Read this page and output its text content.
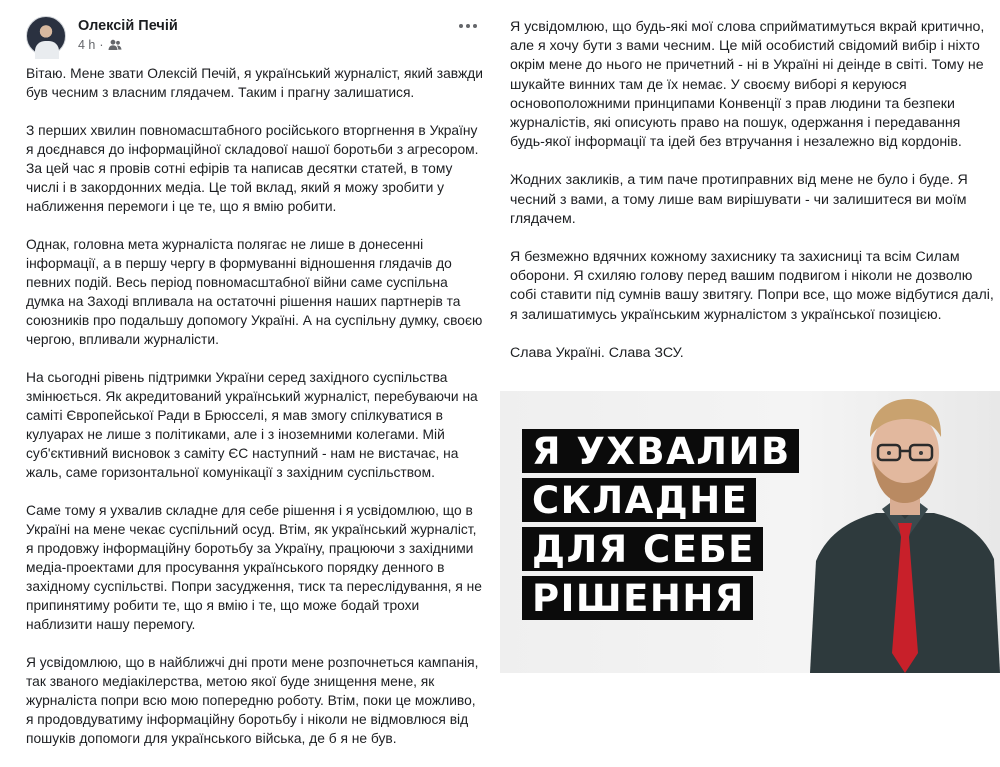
Олексій Печій
4 h ·

Вітаю. Мене звати Олексій Печій, я український журналіст, який завжди був чесним з власним глядачем. Таким і прагну залишатися.

З перших хвилин повномасштабного російського вторгнення в Україну я доєднався до інформаційної складової нашої боротьби з агресором. За цей час я провів сотні ефірів та написав десятки статей, в тому числі і в закордонних медіа. Це той вклад, який я можу зробити у наближення перемоги і це те, що я вмію робити.

Однак, головна мета журналіста полягає не лише в донесенні інформації, а в першу чергу в формуванні відношення глядачів до певних подій. Весь період повномасштабної війни саме суспільна думка на Заході впливала на остаточні рішення наших партнерів та союзників про подальшу допомогу Україні. А на суспільну думку, своєю чергою, впливали журналісти.

На сьогодні рівень підтримки України серед західного суспільства змінюється. Як акредитований український журналіст, перебуваючи на саміті Європейської Ради в Брюсселі, я мав змогу спілкуватися в кулуарах не лише з політиками, але і з іноземними колегами. Мій суб'єктивний висновок з саміту ЄС наступний - нам не вистачає, на жаль, саме горизонтальної комунікації з західним суспільством.

Саме тому я ухвалив складне для себе рішення і я усвідомлюю, що в Україні на мене чекає суспільний осуд. Втім, як український журналіст, я продовжу інформаційну боротьбу за Україну, працюючи з західними медіа-проектами для просування українського порядку денного в західному суспільстві. Попри засудження, тиск та переслідування, я не припинятиму робити те, що я вмію і те, що може бодай трохи наблизити нашу перемогу.

Я усвідомлюю, що в найближчі дні проти мене розпочнеться кампанія, так званого медіакілерства, метою якої буде знищення мене, як журналіста попри всю мою попередню роботу. Втім, поки це можливо, я продовдуватиму інформаційну боротьбу і ніколи не відмовлюся від пошуків допомоги для українського війська, де б я не був.

Я усвідомлюю, що будь-які мої слова сприйматимуться вкрай критично, але я хочу бути з вами чесним. Це мій особистий свідомий вибір і ніхто окрім мене до нього не причетний - ні в Україні ні деінде в світі. Тому не шукайте винних там де їх немає. У своєму виборі я керуюся основоположними принципами Конвенції з прав людини та безпеки журналістів, які описують право на пошук, одержання і передавання будь-якої інформації та ідей без втручання і незалежно від кордонів.

Жодних закликів, а тим паче протиправних від мене не було і буде. Я чесний з вами, а тому лише вам вирішувати - чи залишитеся ви моїм глядачем.

Я безмежно вдячних кожному захиснику та захисниці та всім Силам оборони. Я схиляю голову перед вашим подвигом і ніколи не дозволю собі ставити під сумнів вашу звитягу. Попри все, що може відбутися далі, я залишатимусь українським журналістом з української позицією.

Слава Україні. Слава ЗСУ.

Я УХВАЛИВ
СКЛАДНЕ
ДЛЯ СЕБЕ
РІШЕННЯ
